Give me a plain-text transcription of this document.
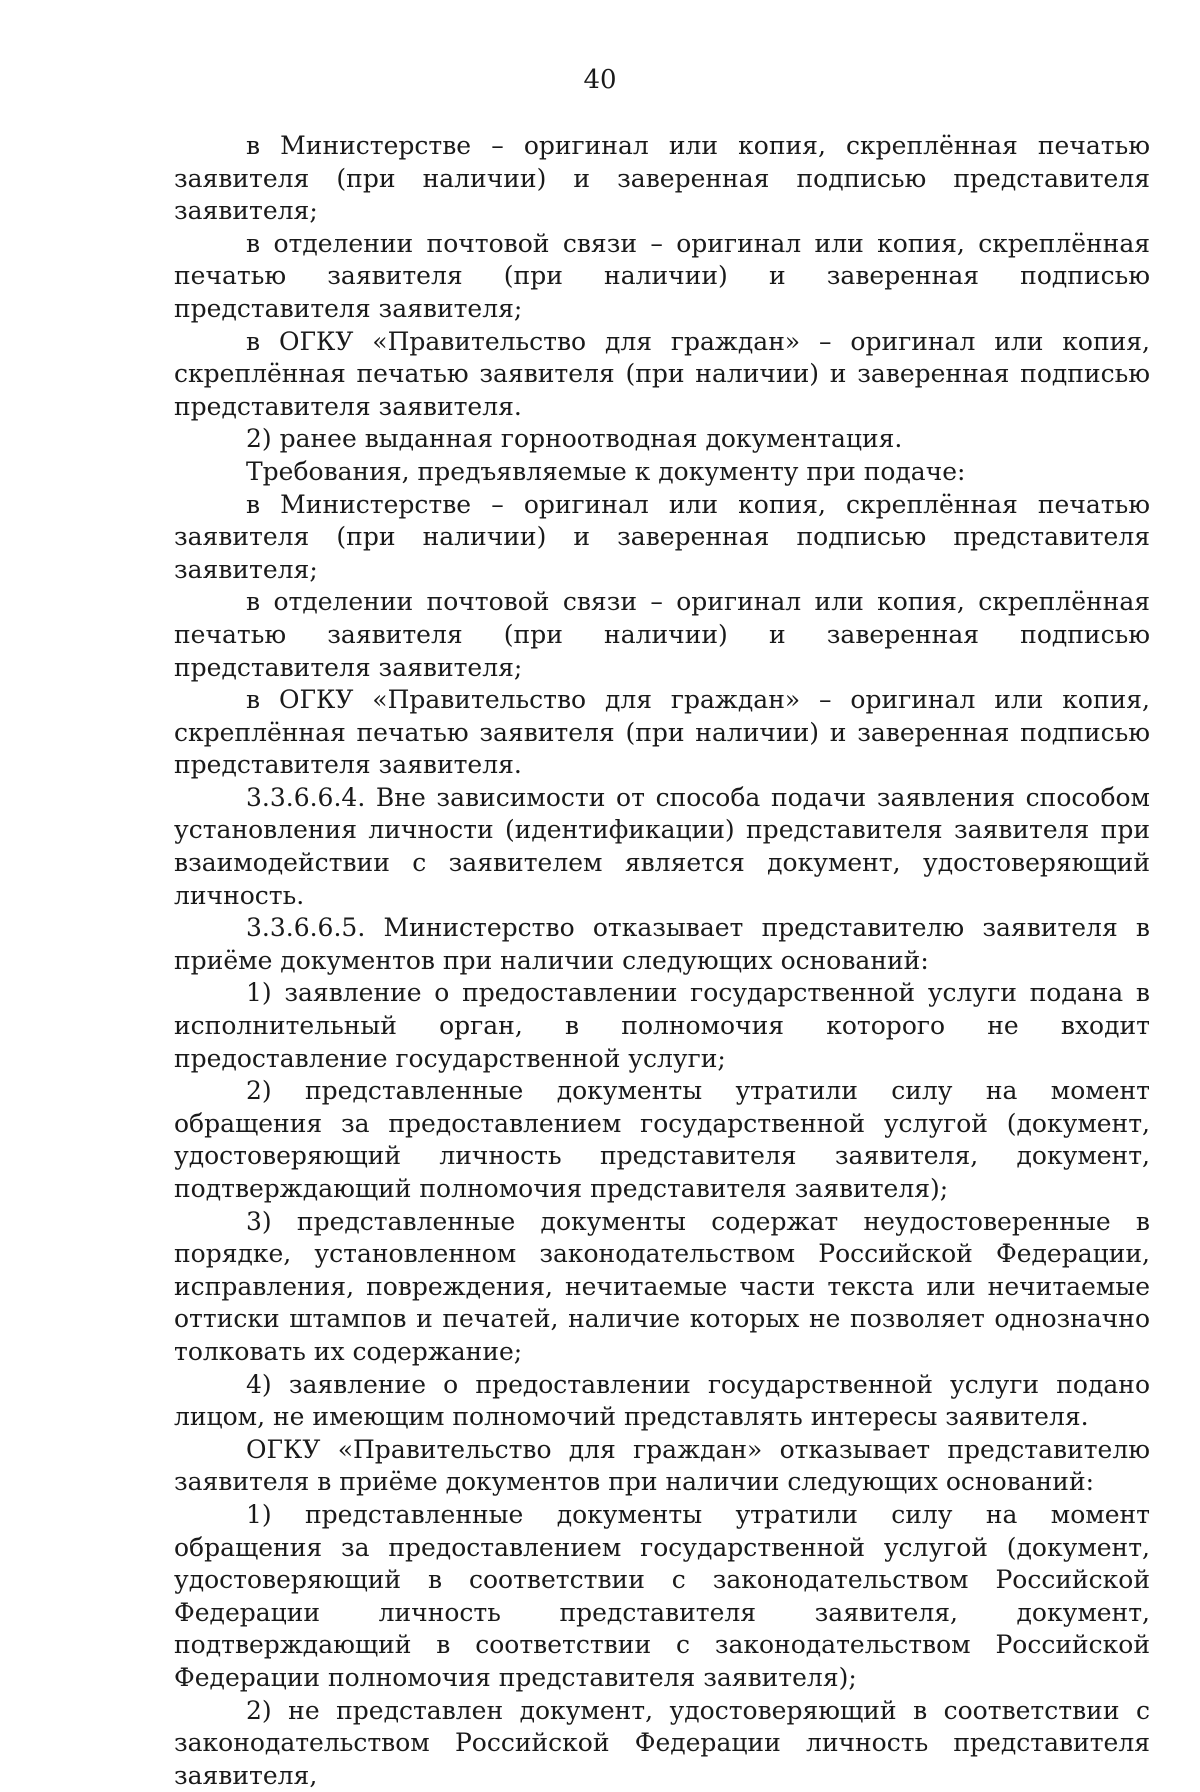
40

в Министерстве – оригинал или копия, скреплённая печатью заявителя (при наличии) и заверенная подписью представителя заявителя;

в отделении почтовой связи – оригинал или копия, скреплённая печатью заявителя (при наличии) и заверенная подписью представителя заявителя;

в ОГКУ «Правительство для граждан» – оригинал или копия, скреплённая печатью заявителя (при наличии) и заверенная подписью представителя заявителя.

2) ранее выданная горноотводная документация.

Требования, предъявляемые к документу при подаче:

в Министерстве – оригинал или копия, скреплённая печатью заявителя (при наличии) и заверенная подписью представителя заявителя;

в отделении почтовой связи – оригинал или копия, скреплённая печатью заявителя (при наличии) и заверенная подписью представителя заявителя;

в ОГКУ «Правительство для граждан» – оригинал или копия, скреплённая печатью заявителя (при наличии) и заверенная подписью представителя заявителя.

3.3.6.6.4. Вне зависимости от способа подачи заявления способом установления личности (идентификации) представителя заявителя при взаимодействии с заявителем является документ, удостоверяющий личность.

3.3.6.6.5. Министерство отказывает представителю заявителя в приёме документов при наличии следующих оснований:

1) заявление о предоставлении государственной услуги подана в исполнительный орган, в полномочия которого не входит предоставление государственной услуги;

2) представленные документы утратили силу на момент обращения за предоставлением государственной услугой (документ, удостоверяющий личность представителя заявителя, документ, подтверждающий полномочия представителя заявителя);

3) представленные документы содержат неудостоверенные в порядке, установленном законодательством Российской Федерации, исправления, повреждения, нечитаемые части текста или нечитаемые оттиски штампов и печатей, наличие которых не позволяет однозначно толковать их содержание;

4) заявление о предоставлении государственной услуги подано лицом, не имеющим полномочий представлять интересы заявителя.

ОГКУ «Правительство для граждан» отказывает представителю заявителя в приёме документов при наличии следующих оснований:

1) представленные документы утратили силу на момент обращения за предоставлением государственной услугой (документ, удостоверяющий в соответствии с законодательством Российской Федерации личность представителя заявителя, документ, подтверждающий в соответствии с законодательством Российской Федерации полномочия представителя заявителя);

2) не представлен документ, удостоверяющий в соответствии с законодательством Российской Федерации личность представителя заявителя,
